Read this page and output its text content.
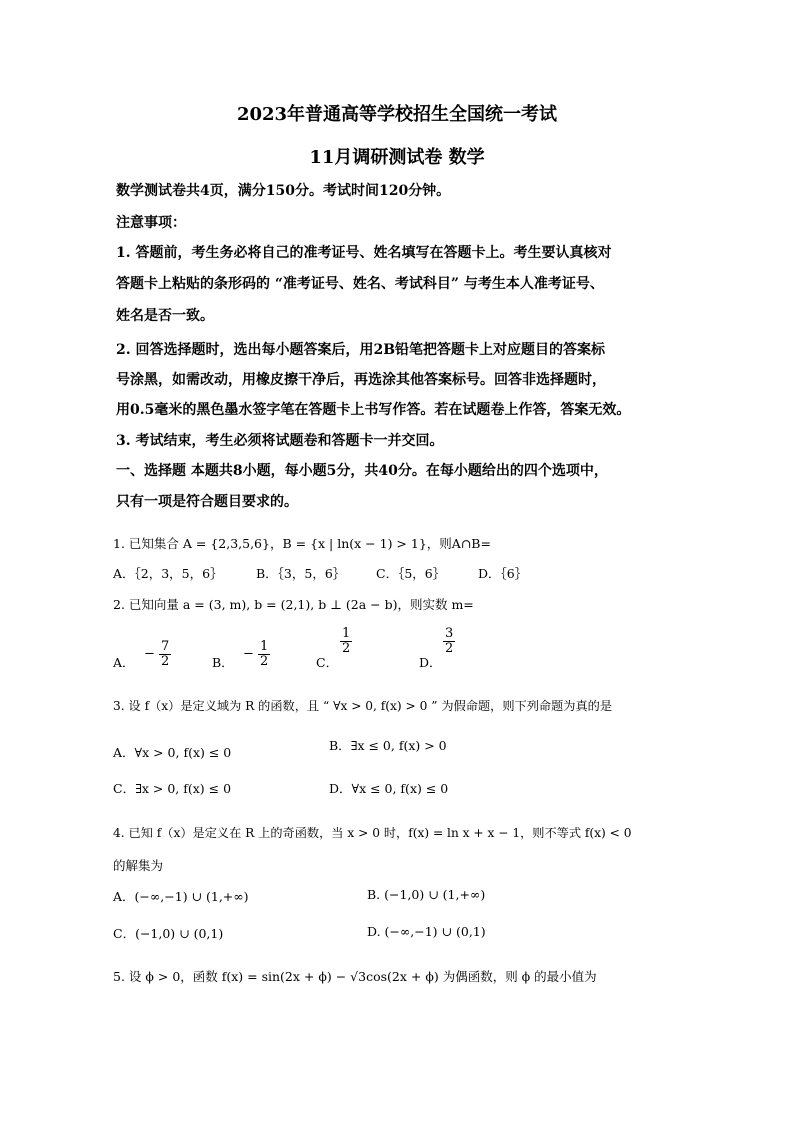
2023年普通高等学校招生全国统一考试
11月调研测试卷 数学
数学测试卷共4页，满分150分。考试时间120分钟。
注意事项：
1. 答题前，考生务必将自己的准考证号、姓名填写在答题卡上。考生要认真核对
答题卡上粘贴的条形码的 “准考证号、姓名、考试科目” 与考生本人准考证号、
姓名是否一致。
2. 回答选择题时，选出每小题答案后，用2B铅笔把答题卡上对应题目的答案标
号涂黑，如需改动，用橡皮擦干净后，再选涂其他答案标号。回答非选择题时，
用0.5毫米的黑色墨水签字笔在答题卡上书写作答。若在试题卷上作答，答案无效。
3. 考试结束，考生必须将试题卷和答题卡一并交回。
一、选择题 本题共8小题，每小题5分，共40分。在每小题给出的四个选项中，
只有一项是符合题目要求的。
1. 已知集合 A = {2,3,5,6}，B = {x | ln(x − 1) > 1}，则A∩B=
A．｛2，3，5，6｝	B．｛3，5，6｝ C．｛5，6｝	D．｛6｝
2. 已知向量 a = (3, m), b = (2,1), b ⊥ (2a − b)，则实数 m=
A．
− $\frac{7}{2}$	B．
− $\frac{1}{2}$	C．
$\frac{1}{2}$
D．
$\frac{3}{2}$
3. 设 f（x）是定义域为 R 的函数，且 “ ∀x > 0, f(x) > 0 ” 为假命题，则下列命题为真的是
A．∀x > 0, f(x) ≤ 0	B．∃x ≤ 0, f(x) > 0
C．∃x > 0, f(x) ≤ 0	D．∀x ≤ 0, f(x) ≤ 0
4. 已知 f（x）是定义在 R 上的奇函数，当 x > 0 时，f(x) = ln x + x − 1，则不等式 f(x) < 0
的解集为
A．(−∞,−1) ∪ (1,+∞)	B. (−1,0) ∪ (1,+∞)
C．(−1,0) ∪ (0,1)	D. (−∞,−1) ∪ (0,1)
5. 设 ϕ > 0，函数 f(x) = sin(2x + ϕ) − √3cos(2x + ϕ) 为偶函数，则 ϕ 的最小值为
